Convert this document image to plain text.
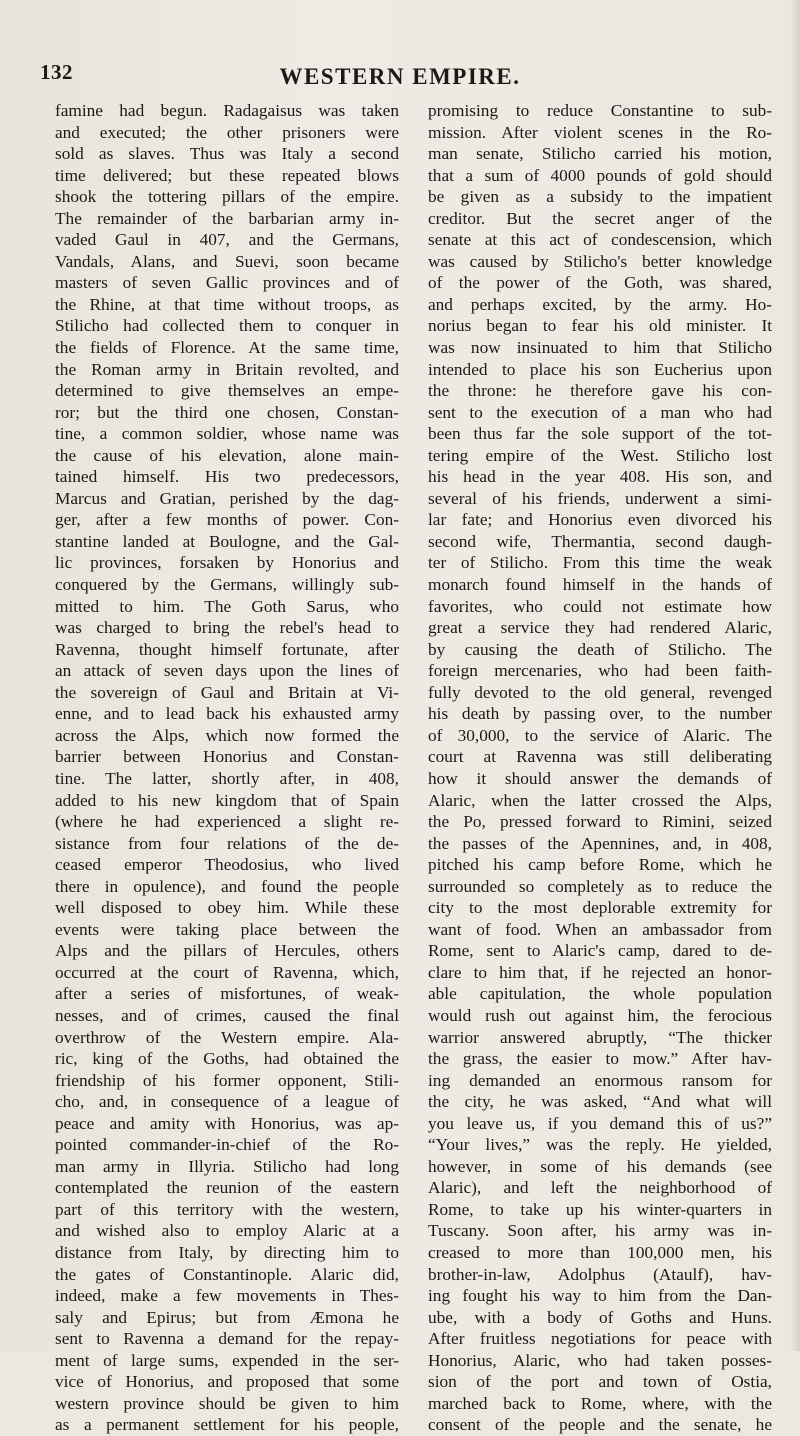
132	WESTERN EMPIRE.
famine had begun. Radagaisus was taken
and executed; the other prisoners were
sold as slaves. Thus was Italy a second
time delivered; but these repeated blows
shook the tottering pillars of the empire.
The remainder of the barbarian army in-
vaded Gaul in 407, and the Germans,
Vandals, Alans, and Suevi, soon became
masters of seven Gallic provinces and of
the Rhine, at that time without troops, as
Stilicho had collected them to conquer in
the fields of Florence. At the same time,
the Roman army in Britain revolted, and
determined to give themselves an empe-
ror; but the third one chosen, Constan-
tine, a common soldier, whose name was
the cause of his elevation, alone main-
tained himself. His two predecessors,
Marcus and Gratian, perished by the dag-
ger, after a few months of power. Con-
stantine landed at Boulogne, and the Gal-
lic provinces, forsaken by Honorius and
conquered by the Germans, willingly sub-
mitted to him. The Goth Sarus, who
was charged to bring the rebel's head to
Ravenna, thought himself fortunate, after
an attack of seven days upon the lines of
the sovereign of Gaul and Britain at Vi-
enne, and to lead back his exhausted army
across the Alps, which now formed the
barrier between Honorius and Constan-
tine. The latter, shortly after, in 408,
added to his new kingdom that of Spain
(where he had experienced a slight re-
sistance from four relations of the de-
ceased emperor Theodosius, who lived
there in opulence), and found the people
well disposed to obey him. While these
events were taking place between the
Alps and the pillars of Hercules, others
occurred at the court of Ravenna, which,
after a series of misfortunes, of weak-
nesses, and of crimes, caused the final
overthrow of the Western empire. Ala-
ric, king of the Goths, had obtained the
friendship of his former opponent, Stili-
cho, and, in consequence of a league of
peace and amity with Honorius, was ap-
pointed commander-in-chief of the Ro-
man army in Illyria. Stilicho had long
contemplated the reunion of the eastern
part of this territory with the western,
and wished also to employ Alaric at a
distance from Italy, by directing him to
the gates of Constantinople. Alaric did,
indeed, make a few movements in Thes-
saly and Epirus; but from Æmona he
sent to Ravenna a demand for the repay-
ment of large sums, expended in the ser-
vice of Honorius, and proposed that some
western province should be given to him
as a permanent settlement for his people,
promising to reduce Constantine to sub-
mission. After violent scenes in the Ro-
man senate, Stilicho carried his motion,
that a sum of 4000 pounds of gold should
be given as a subsidy to the impatient
creditor. But the secret anger of the
senate at this act of condescension, which
was caused by Stilicho's better knowledge
of the power of the Goth, was shared,
and perhaps excited, by the army. Ho-
norius began to fear his old minister. It
was now insinuated to him that Stilicho
intended to place his son Eucherius upon
the throne: he therefore gave his con-
sent to the execution of a man who had
been thus far the sole support of the tot-
tering empire of the West. Stilicho lost
his head in the year 408. His son, and
several of his friends, underwent a simi-
lar fate; and Honorius even divorced his
second wife, Thermantia, second daugh-
ter of Stilicho. From this time the weak
monarch found himself in the hands of
favorites, who could not estimate how
great a service they had rendered Alaric,
by causing the death of Stilicho. The
foreign mercenaries, who had been faith-
fully devoted to the old general, revenged
his death by passing over, to the number
of 30,000, to the service of Alaric. The
court at Ravenna was still deliberating
how it should answer the demands of
Alaric, when the latter crossed the Alps,
the Po, pressed forward to Rimini, seized
the passes of the Apennines, and, in 408,
pitched his camp before Rome, which he
surrounded so completely as to reduce the
city to the most deplorable extremity for
want of food. When an ambassador from
Rome, sent to Alaric's camp, dared to de-
clare to him that, if he rejected an honor-
able capitulation, the whole population
would rush out against him, the ferocious
warrior answered abruptly, “The thicker
the grass, the easier to mow.” After hav-
ing demanded an enormous ransom for
the city, he was asked, “And what will
you leave us, if you demand this of us?”
“Your lives,” was the reply. He yielded,
however, in some of his demands (see
Alaric), and left the neighborhood of
Rome, to take up his winter-quarters in
Tuscany. Soon after, his army was in-
creased to more than 100,000 men, his
brother-in-law, Adolphus (Ataulf), hav-
ing fought his way to him from the Dan-
ube, with a body of Goths and Huns.
After fruitless negotiations for peace with
Honorius, Alaric, who had taken posses-
sion of the port and town of Ostia,
marched back to Rome, where, with the
consent of the people and the senate, he
